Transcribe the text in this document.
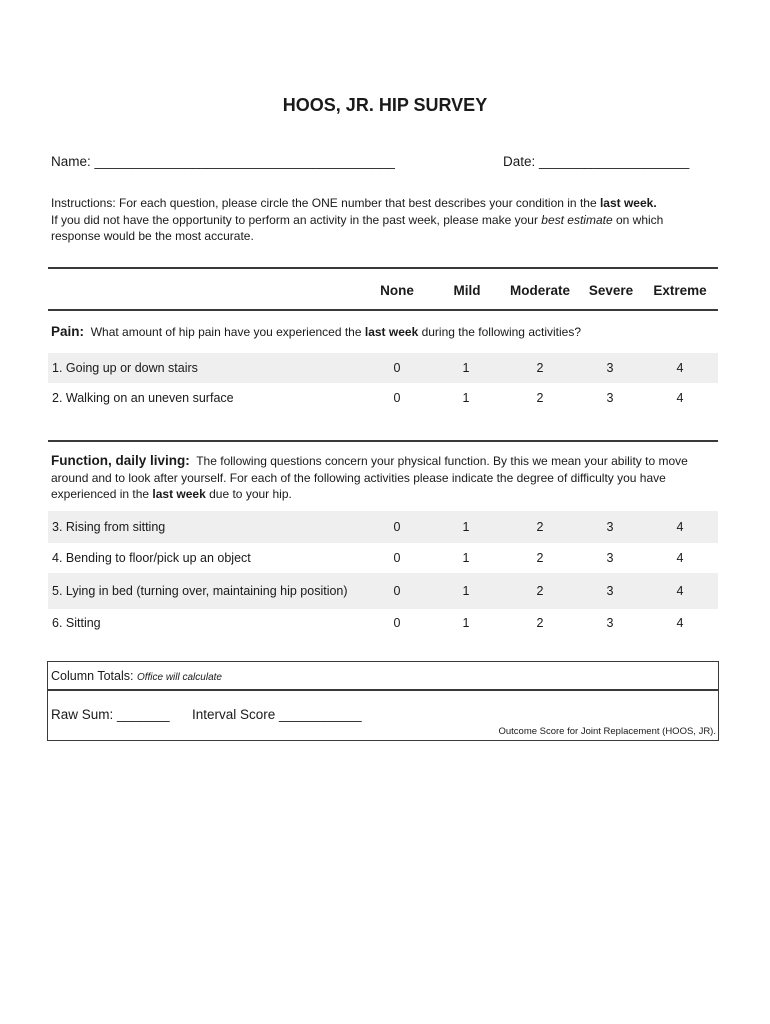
HOOS, JR. HIP SURVEY
Name: ________________________________________	Date: ____________________
Instructions: For each question, please circle the ONE number that best describes your condition in the last week.
If you did not have the opportunity to perform an activity in the past week, please make your best estimate on which
response would be the most accurate.
None	Mild	Moderate	Severe	Extreme
Pain: What amount of hip pain have you experienced the last week during the following activities?
1. Going up or down stairs	0	1	2	3	4
2. Walking on an uneven surface	0	1	2	3	4
Function, daily living: The following questions concern your physical function. By this we mean your ability to move
around and to look after yourself. For each of the following activities please indicate the degree of difficulty you have
experienced in the last week due to your hip.
3. Rising from sitting	0	1	2	3	4
4. Bending to floor/pick up an object	0	1	2	3	4
5. Lying in bed (turning over, maintaining hip position)	0	1	2	3	4
6. Sitting	0	1	2	3	4
Column Totals: Office will calculate
Raw Sum: _______ Interval Score ___________
Outcome Score for Joint Replacement (HOOS, JR).
